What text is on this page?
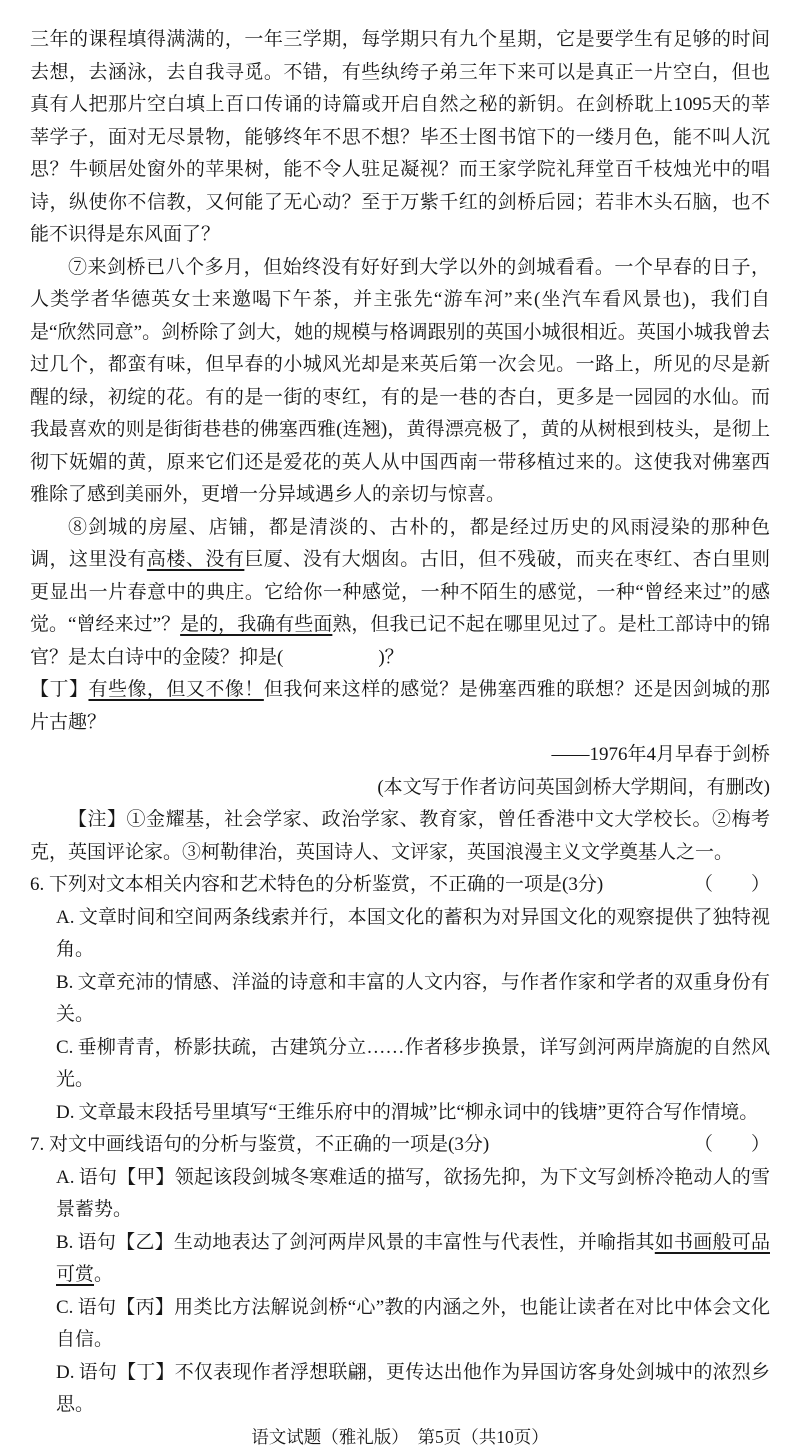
三年的课程填得满满的，一年三学期，每学期只有九个星期，它是要学生有足够的时间去想，去涵泳，去自我寻觅。不错，有些纨绔子弟三年下来可以是真正一片空白，但也真有人把那片空白填上百口传诵的诗篇或开启自然之秘的新钥。在剑桥耽上1095天的莘莘学子，面对无尽景物，能够终年不思不想？毕丕士图书馆下的一缕月色，能不叫人沉思？牛顿居处窗外的苹果树，能不令人驻足凝视？而王家学院礼拜堂百千枝烛光中的唱诗，纵使你不信教，又何能了无心动？至于万紫千红的剑桥后园；若非木头石脑，也不能不识得是东风面了？

⑦来剑桥已八个多月，但始终没有好好到大学以外的剑城看看。一个早春的日子，人类学者华德英女士来邀喝下午茶，并主张先“游车河”来(坐汽车看风景也)，我们自是“欣然同意”。剑桥除了剑大，她的规模与格调跟别的英国小城很相近。英国小城我曾去过几个，都蛮有味，但早春的小城风光却是来英后第一次会见。一路上，所见的尽是新醒的绿，初绽的花。有的是一街的枣红，有的是一巷的杏白，更多是一园园的水仙。而我最喜欢的则是街街巷巷的佛塞西雅(连翘)，黄得漂亮极了，黄的从树根到枝头，是彻上彻下妩媚的黄，原来它们还是爱花的英人从中国西南一带移植过来的。这使我对佛塞西雅除了感到美丽外，更增一分异域遇乡人的亲切与惊喜。

⑧剑城的房屋、店铺，都是清淡的、古朴的，都是经过历史的风雨浸染的那种色调，这里没有高楼、没有巨厦、没有大烟囱。古旧，但不残破，而夹在枣红、杏白里则更显出一片春意中的典庄。它给你一种感觉，一种不陌生的感觉，一种“曾经来过”的感觉。“曾经来过”？是的，我确有些面熟，但我已记不起在哪里见过了。是杜工部诗中的锦官？是太白诗中的金陵？抑是(　　　　　)？

【丁】有些像，但又不像！但我何来这样的感觉？是佛塞西雅的联想？还是因剑城的那片古趣？

——1976年4月早春于剑桥

(本文写于作者访问英国剑桥大学期间，有删改)

【注】①金耀基，社会学家、政治学家、教育家，曾任香港中文大学校长。②梅考克，英国评论家。③柯勒律治，英国诗人、文评家，英国浪漫主义文学奠基人之一。

6. 下列对文本相关内容和艺术特色的分析鉴赏，不正确的一项是(3分)	（　　）

A. 文章时间和空间两条线索并行，本国文化的蓄积为对异国文化的观察提供了独特视角。

B. 文章充沛的情感、洋溢的诗意和丰富的人文内容，与作者作家和学者的双重身份有关。

C. 垂柳青青，桥影扶疏，古建筑分立……作者移步换景，详写剑河两岸旖旎的自然风光。

D. 文章最末段括号里填写“王维乐府中的渭城”比“柳永词中的钱塘”更符合写作情境。

7. 对文中画线语句的分析与鉴赏，不正确的一项是(3分)	（　　）

A. 语句【甲】领起该段剑城冬寒难适的描写，欲扬先抑，为下文写剑桥冷艳动人的雪景蓄势。

B. 语句【乙】生动地表达了剑河两岸风景的丰富性与代表性，并喻指其如书画般可品可赏。

C. 语句【丙】用类比方法解说剑桥“心”教的内涵之外，也能让读者在对比中体会文化自信。

D. 语句【丁】不仅表现作者浮想联翩，更传达出他作为异国访客身处剑城中的浓烈乡思。

语文试题（雅礼版）　第5页（共10页）
